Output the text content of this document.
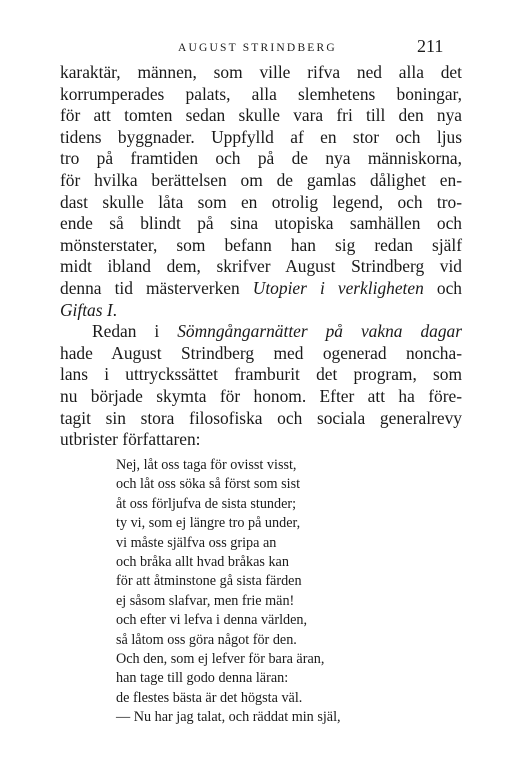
AUGUST STRINDBERG	211
karaktär, männen, som ville rifva ned alla det
korrumperades palats, alla slemhetens boningar,
för att tomten sedan skulle vara fri till den nya
tidens byggnader. Uppfylld af en stor och ljus
tro på framtiden och på de nya människorna,
för hvilka berättelsen om de gamlas dålighet en-
dast skulle låta som en otrolig legend, och tro-
ende så blindt på sina utopiska samhällen och
mönsterstater, som befann han sig redan själf
midt ibland dem, skrifver August Strindberg vid
denna tid mästerverken Utopier i verkligheten och
Giftas I.
Redan i Sömngångarnätter på vakna dagar
hade August Strindberg med ogenerad noncha-
lans i uttryckssättet framburit det program, som
nu började skymta för honom. Efter att ha före-
tagit sin stora filosofiska och sociala generalrevy
utbrister författaren:
Nej, låt oss taga för ovisst visst,
och låt oss söka så först som sist
åt oss förljufva de sista stunder;
ty vi, som ej längre tro på under,
vi måste själfva oss gripa an
och bråka allt hvad bråkas kan
för att åtminstone gå sista färden
ej såsom slafvar, men frie män!
och efter vi lefva i denna världen,
så låtom oss göra något för den.
Och den, som ej lefver för bara äran,
han tage till godo denna läran:
de flestes bästa är det högsta väl.
— Nu har jag talat, och räddat min själ,
